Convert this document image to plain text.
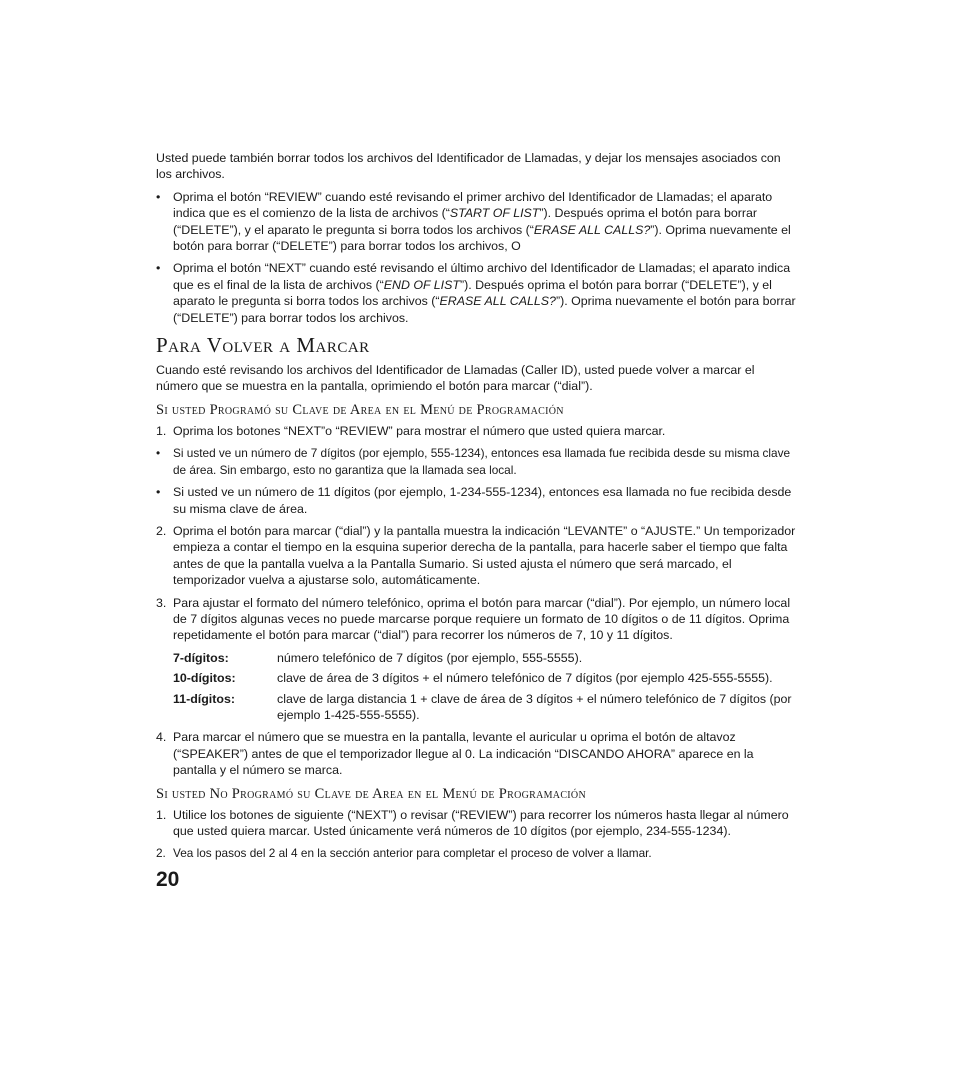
Usted puede también borrar todos los archivos del Identificador de Llamadas, y dejar los mensajes asociados con los archivos.

• Oprima el botón “REVIEW” cuando esté revisando el primer archivo del Identificador de Llamadas; el aparato indica que es el comienzo de la lista de archivos (“START OF LIST”). Después oprima el botón para borrar (“DELETE”), y el aparato le pregunta si borra todos los archivos (“ERASE ALL CALLS?”). Oprima nuevamente el botón para borrar (“DELETE”) para borrar todos los archivos, O
• Oprima el botón “NEXT” cuando esté revisando el último archivo del Identificador de Llamadas; el aparato indica que es el final de la lista de archivos (“END OF LIST”). Después oprima el botón para borrar (“DELETE”), y el aparato le pregunta si borra todos los archivos (“ERASE ALL CALLS?”). Oprima nuevamente el botón para borrar (“DELETE”) para borrar todos los archivos.
Para Volver a Marcar

Cuando esté revisando los archivos del Identificador de Llamadas (Caller ID), usted puede volver a marcar el número que se muestra en la pantalla, oprimiendo el botón para marcar (“dial”).

Si usted Programó su Clave de Area en el Menú de Programación
1. Oprima los botones “NEXT”o “REVIEW” para mostrar el número que usted quiera marcar.
• Si usted ve un número de 7 dígitos (por ejemplo, 555-1234), entonces esa llamada fue recibida desde su misma clave de área. Sin embargo, esto no garantiza que la llamada sea local.
• Si usted ve un número de 11 dígitos (por ejemplo, 1-234-555-1234), entonces esa llamada no fue recibida desde su misma clave de área.
2. Oprima el botón para marcar (“dial”) y la pantalla muestra la indicación “LEVANTE” o “AJUSTE.” Un temporizador empieza a contar el tiempo en la esquina superior derecha de la pantalla, para hacerle saber el tiempo que falta antes de que la pantalla vuelva a la Pantalla Sumario. Si usted ajusta el número que será marcado, el temporizador vuelva a ajustarse solo, automáticamente.
3. Para ajustar el formato del número telefónico, oprima el botón para marcar (“dial”). Por ejemplo, un número local de 7 dígitos algunas veces no puede marcarse porque requiere un formato de 10 dígitos o de 11 dígitos. Oprima repetidamente el botón para marcar (“dial”) para recorrer los números de 7, 10 y 11 dígitos.
7-dígitos:	número telefónico de 7 dígitos (por ejemplo, 555-5555).
10-dígitos:	clave de área de 3 dígitos + el número telefónico de 7 dígitos (por ejemplo 425-555-5555).
11-dígitos:	clave de larga distancia 1 + clave de área de 3 dígitos + el número telefónico de 7 dígitos (por ejemplo 1-425-555-5555).
4. Para marcar el número que se muestra en la pantalla, levante el auricular u oprima el botón de altavoz (“SPEAKER”) antes de que el temporizador llegue al 0. La indicación “DISCANDO AHORA” aparece en la pantalla y el número se marca.
Si usted No Programó su Clave de Area en el Menú de Programación
1. Utilice los botones de siguiente (“NEXT”) o revisar (“REVIEW”) para recorrer los números hasta llegar al número que usted quiera marcar. Usted únicamente verá números de 10 dígitos (por ejemplo, 234-555-1234).
2. Vea los pasos del 2 al 4 en la sección anterior para completar el proceso de volver a llamar.
20
